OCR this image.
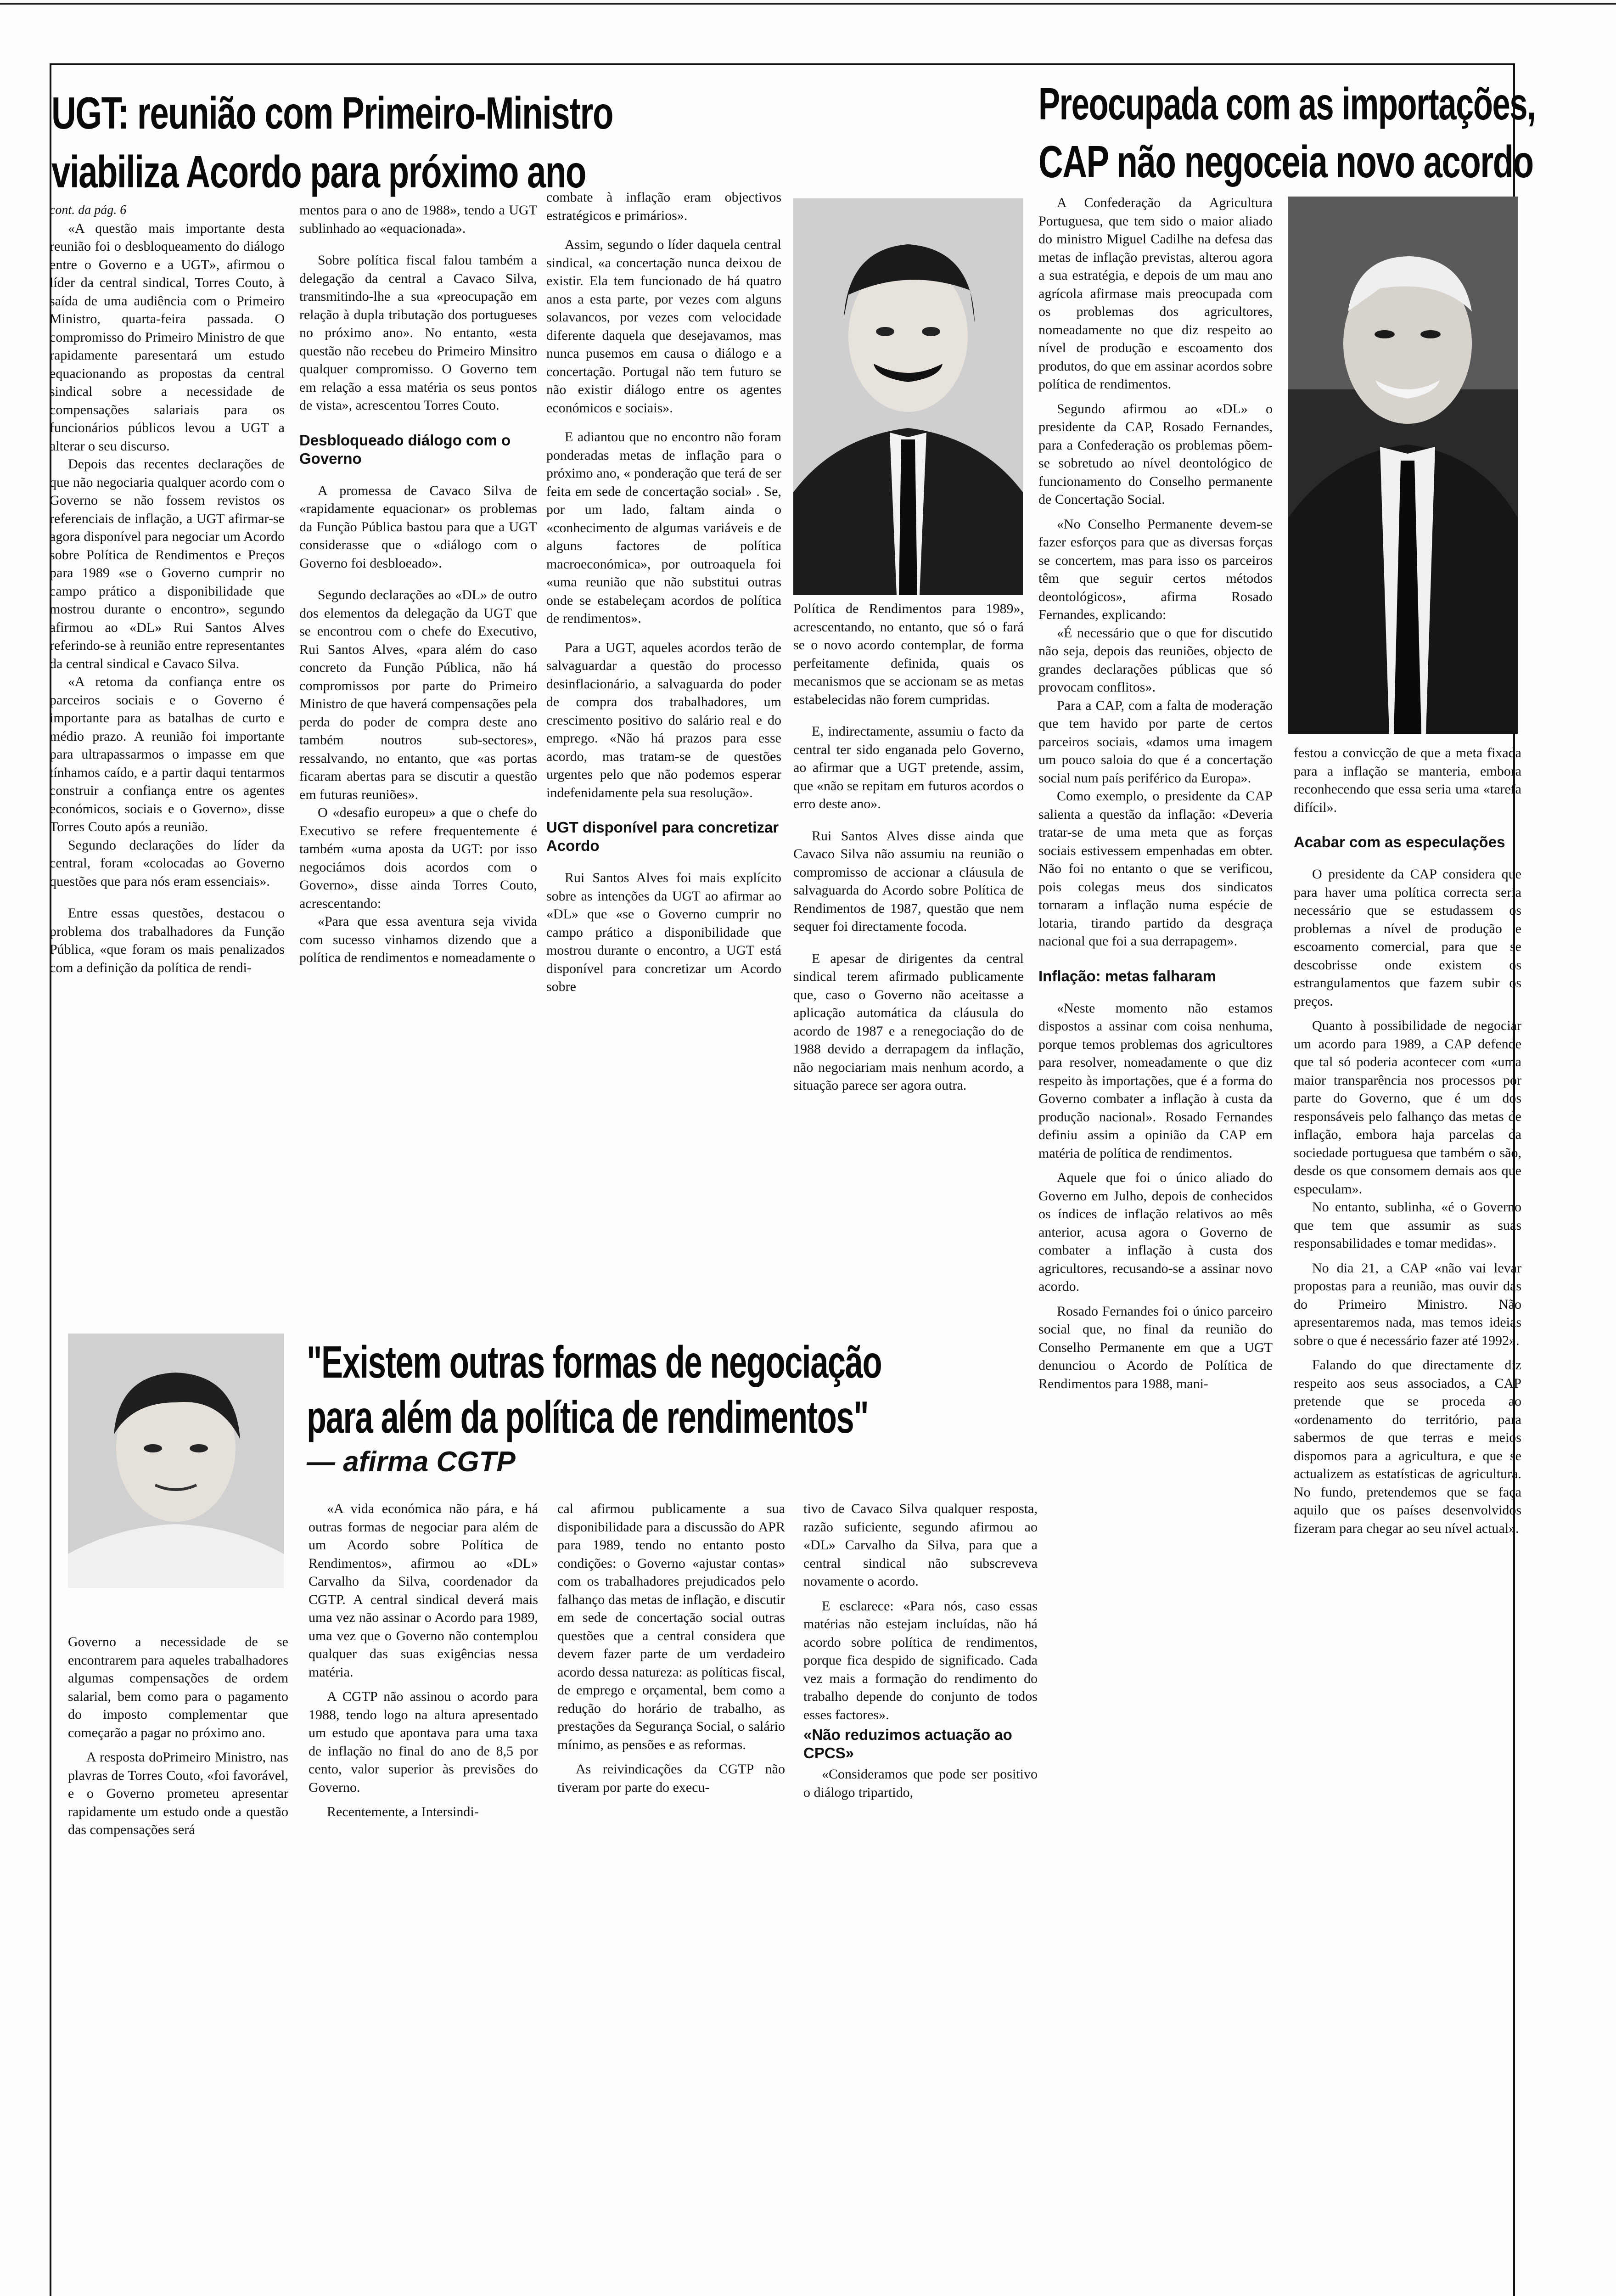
UGT: reunião com Primeiro-Ministro
viabiliza Acordo para próximo ano

cont. da pág. 6

«A questão mais importante desta reunião foi o desbloqueamento do diálogo entre o Governo e a UGT», afirmou o líder da central sindical, Torres Couto, à saída de uma audiência com o Primeiro Ministro, quarta-feira passada. O compromisso do Primeiro Ministro de que rapidamente paresentará um estudo equacionando as propostas da central sindical sobre a necessidade de compensações salariais para os funcionários públicos levou a UGT a alterar o seu discurso.

Depois das recentes declarações de que não negociaria qualquer acordo com o Governo se não fossem revistos os referenciais de inflação, a UGT afirmar-se agora disponível para negociar um Acordo sobre Política de Rendimentos e Preços para 1989 «se o Governo cumprir no campo prático a disponibilidade que mostrou durante o encontro», segundo afirmou ao «DL» Rui Santos Alves referindo-se à reunião entre representantes da central sindical e Cavaco Silva.

«A retoma da confiança entre os parceiros sociais e o Governo é importante para as batalhas de curto e médio prazo. A reunião foi importante para ultrapassarmos o impasse em que tínhamos caído, e a partir daqui tentarmos construir a confiança entre os agentes económicos, sociais e o Governo», disse Torres Couto após a reunião.

Segundo declarações do líder da central, foram «colocadas ao Governo questões que para nós eram essenciais».

Entre essas questões, destacou o problema dos trabalhadores da Função Pública, «que foram os mais penalizados com a definição da política de rendi-

mentos para o ano de 1988», tendo a UGT sublinhado ao «equacionada».

Sobre política fiscal falou também a delegação da central a Cavaco Silva, transmitindo-lhe a sua «preocupação em relação à dupla tributação dos portugueses no próximo ano». No entanto, «esta questão não recebeu do Primeiro Minsitro qualquer compromisso. O Governo tem em relação a essa matéria os seus pontos de vista», acrescentou Torres Couto.

Desbloqueado diálogo com o Governo

A promessa de Cavaco Silva de «rapidamente equacionar» os problemas da Função Pública bastou para que a UGT considerasse que o «diálogo com o Governo foi desbloeado».

Segundo declarações ao «DL» de outro dos elementos da delegação da UGT que se encontrou com o chefe do Executivo, Rui Santos Alves, «para além do caso concreto da Função Pública, não há compromissos por parte do Primeiro Ministro de que haverá compensações pela perda do poder de compra deste ano também noutros sub-sectores», ressalvando, no entanto, que «as portas ficaram abertas para se discutir a questão em futuras reuniões».

O «desafio europeu» a que o chefe do Executivo se refere frequentemente é também «uma aposta da UGT: por isso negociámos dois acordos com o Governo», disse ainda Torres Couto, acrescentando:

«Para que essa aventura seja vivida com sucesso vinhamos dizendo que a política de rendimentos e nomeadamente o

combate à inflação eram objectivos estratégicos e primários».

Assim, segundo o líder daquela central sindical, «a concertação nunca deixou de existir. Ela tem funcionado de há quatro anos a esta parte, por vezes com alguns solavancos, por vezes com velocidade diferente daquela que desejavamos, mas nunca pusemos em causa o diálogo e a concertação. Portugal não tem futuro se não existir diálogo entre os agentes económicos e sociais».

E adiantou que no encontro não foram ponderadas metas de inflação para o próximo ano, « ponderação que terá de ser feita em sede de concertação social» . Se, por um lado, faltam ainda o «conhecimento de algumas variáveis e de alguns factores de política macroeconómica», por outroaquela foi «uma reunião que não substitui outras onde se estabeleçam acordos de política de rendimentos».

Para a UGT, aqueles acordos terão de salvaguardar a questão do processo desinflacionário, a salvaguarda do poder de compra dos trabalhadores, um crescimento positivo do salário real e do emprego. «Não há prazos para esse acordo, mas tratam-se de questões urgentes pelo que não podemos esperar indefenidamente pela sua resolução».

UGT disponível para concretizar Acordo

Rui Santos Alves foi mais explícito sobre as intenções da UGT ao afirmar ao «DL» que «se o Governo cumprir no campo prático a disponibilidade que mostrou durante o encontro, a UGT está disponível para concretizar um Acordo sobre

Política de Rendimentos para 1989», acrescentando, no entanto, que só o fará se o novo acordo contemplar, de forma perfeitamente definida, quais os mecanismos que se accionam se as metas estabelecidas não forem cumpridas.

E, indirectamente, assumiu o facto da central ter sido enganada pelo Governo, ao afirmar que a UGT pretende, assim, que «não se repitam em futuros acordos o erro deste ano».

Rui Santos Alves disse ainda que Cavaco Silva não assumiu na reunião o compromisso de accionar a cláusula de salvaguarda do Acordo sobre Política de Rendimentos de 1987, questão que nem sequer foi directamente focoda.

E apesar de dirigentes da central sindical terem afirmado publicamente que, caso o Governo não aceitasse a aplicação automática da cláusula do acordo de 1987 e a renegociação do de 1988 devido a derrapagem da inflação, não negociariam mais nenhum acordo, a situação parece ser agora outra.

Preocupada com as importações,
CAP não negoceia novo acordo

A Confederação da Agricultura Portuguesa, que tem sido o maior aliado do ministro Miguel Cadilhe na defesa das metas de inflação previstas, alterou agora a sua estratégia, e depois de um mau ano agrícola afirmase mais preocupada com os problemas dos agricultores, nomeadamente no que diz respeito ao nível de produção e escoamento dos produtos, do que em assinar acordos sobre política de rendimentos.

Segundo afirmou ao «DL» o presidente da CAP, Rosado Fernandes, para a Confederação os problemas põem-se sobretudo ao nível deontológico de funcionamento do Conselho permanente de Concertação Social.

«No Conselho Permanente devem-se fazer esforços para que as diversas forças se concertem, mas para isso os parceiros têm que seguir certos métodos deontológicos», afirma Rosado Fernandes, explicando:

«É necessário que o que for discutido não seja, depois das reuniões, objecto de grandes declarações públicas que só provocam conflitos».

Para a CAP, com a falta de moderação que tem havido por parte de certos parceiros sociais, «damos uma imagem um pouco saloia do que é a concertação social num país periférico da Europa».

Como exemplo, o presidente da CAP salienta a questão da inflação: «Deveria tratar-se de uma meta que as forças sociais estivessem empenhadas em obter. Não foi no entanto o que se verificou, pois colegas meus dos sindicatos tornaram a inflação numa espécie de lotaria, tirando partido da desgraça nacional que foi a sua derrapagem».

Inflação: metas falharam

«Neste momento não estamos dispostos a assinar com coisa nenhuma, porque temos problemas dos agricultores para resolver, nomeadamente o que diz respeito às importações, que é a forma do Governo combater a inflação à custa da produção nacional». Rosado Fernandes definiu assim a opinião da CAP em matéria de política de rendimentos.

Aquele que foi o único aliado do Governo em Julho, depois de conhecidos os índices de inflação relativos ao mês anterior, acusa agora o Governo de combater a inflação à custa dos agricultores, recusando-se a assinar novo acordo.

Rosado Fernandes foi o único parceiro social que, no final da reunião do Conselho Permanente em que a UGT denunciou o Acordo de Política de Rendimentos para 1988, mani-

festou a convicção de que a meta fixada para a inflação se manteria, embora reconhecendo que essa seria uma «tarefa difícil».

Acabar com as especulações

O presidente da CAP considera que para haver uma política correcta seria necessário que se estudassem os problemas a nível de produção e escoamento comercial, para que se descobrisse onde existem os estrangulamentos que fazem subir os preços.

Quanto à possibilidade de negociar um acordo para 1989, a CAP defende que tal só poderia acontecer com «uma maior transparência nos processos por parte do Governo, que é um dos responsáveis pelo falhanço das metas de inflação, embora haja parcelas da sociedade portuguesa que também o são, desde os que consomem demais aos que especulam».

No entanto, sublinha, «é o Governo que tem que assumir as suas responsabilidades e tomar medidas».

No dia 21, a CAP «não vai levar propostas para a reunião, mas ouvir das do Primeiro Ministro. Não apresentaremos nada, mas temos ideias sobre o que é necessário fazer até 1992».

Falando do que directamente diz respeito aos seus associados, a CAP pretende que se proceda ao «ordenamento do território, para sabermos de que terras e meios dispomos para a agricultura, e que se actualizem as estatísticas de agricultura. No fundo, pretendemos que se faça aquilo que os países desenvolvidos fizeram para chegar ao seu nível actual».

"Existem outras formas de negociação
para além da política de rendimentos"
— afirma CGTP

Governo a necessidade de se encontrarem para aqueles trabalhadores algumas compensações de ordem salarial, bem como para o pagamento do imposto complementar que começarão a pagar no próximo ano.

A resposta doPrimeiro Ministro, nas plavras de Torres Couto, «foi favorável, e o Governo prometeu apresentar rapidamente um estudo onde a questão das compensações será

«A vida económica não pára, e há outras formas de negociar para além de um Acordo sobre Política de Rendimentos», afirmou ao «DL» Carvalho da Silva, coordenador da CGTP. A central sindical deverá mais uma vez não assinar o Acordo para 1989, uma vez que o Governo não contemplou qualquer das suas exigências nessa matéria.

A CGTP não assinou o acordo para 1988, tendo logo na altura apresentado um estudo que apontava para uma taxa de inflação no final do ano de 8,5 por cento, valor superior às previsões do Governo.

Recentemente, a Intersindi-

cal afirmou publicamente a sua disponibilidade para a discussão do APR para 1989, tendo no entanto posto condições: o Governo «ajustar contas» com os trabalhadores prejudicados pelo falhanço das metas de inflação, e discutir em sede de concertação social outras questões que a central considera que devem fazer parte de um verdadeiro acordo dessa natureza: as políticas fiscal, de emprego e orçamental, bem como a redução do horário de trabalho, as prestações da Segurança Social, o salário mínimo, as pensões e as reformas.

As reivindicações da CGTP não tiveram por parte do execu-

tivo de Cavaco Silva qualquer resposta, razão suficiente, segundo afirmou ao «DL» Carvalho da Silva, para que a central sindical não subscreveva novamente o acordo.

E esclarece: «Para nós, caso essas matérias não estejam incluídas, não há acordo sobre política de rendimentos, porque fica despido de significado. Cada vez mais a formação do rendimento do trabalho depende do conjunto de todos esses factores».

«Não reduzimos actuação ao CPCS»

«Consideramos que pode ser positivo o diálogo tripartido,
